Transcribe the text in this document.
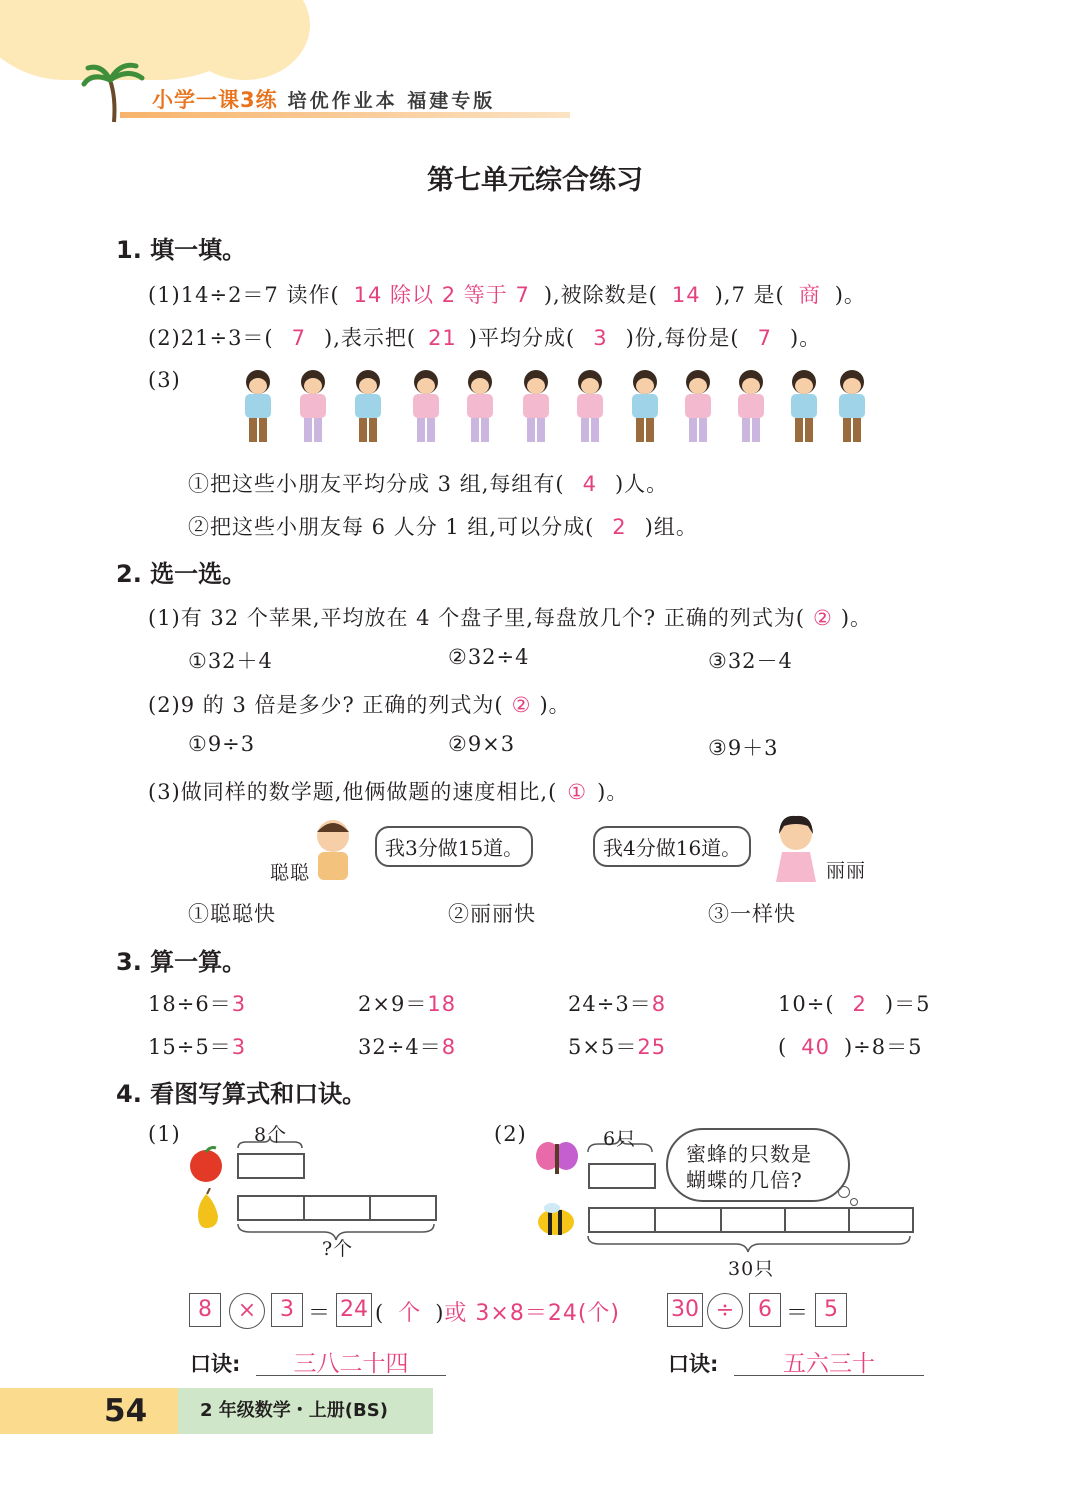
小学一课3练 培优作业本 福建专版
第七单元综合练习
1. 填一填。
(1)14÷2＝7 读作( 14 除以 2 等于 7 ),被除数是( 14 ),7 是( 商 )。
(2)21÷3＝( 7 ),表示把( 21 )平均分成( 3 )份,每份是( 7 )。
(3)
①把这些小朋友平均分成 3 组,每组有( 4 )人。
②把这些小朋友每 6 人分 1 组,可以分成( 2 )组。
2. 选一选。
(1)有 32 个苹果,平均放在 4 个盘子里,每盘放几个? 正确的列式为( ② )。
①32＋4	②32÷4	③32－4
(2)9 的 3 倍是多少? 正确的列式为( ② )。
①9÷3	②9×3	③9＋3
(3)做同样的数学题,他俩做题的速度相比,( ① )。
聪聪
我3分做15道。	我4分做16道。
丽丽
①聪聪快	②丽丽快	③一样快
3. 算一算。
18÷6＝3	2×9＝18	24÷3＝8	10÷( 2 )＝5
15÷5＝3	32÷4＝8	5×5＝25	( 40 )÷8＝5
4. 看图写算式和口诀。
(1)	8个
?个
(2)	6只
蜜蜂的只数是
蝴蝶的几倍?
30只
8	×	3 ＝ 24 ( 个 )或 3×8＝24(个) 30 ÷	6 ＝ 5
口诀:	三八二十四	口诀:	五六三十
54	2 年级数学・上册(BS)
